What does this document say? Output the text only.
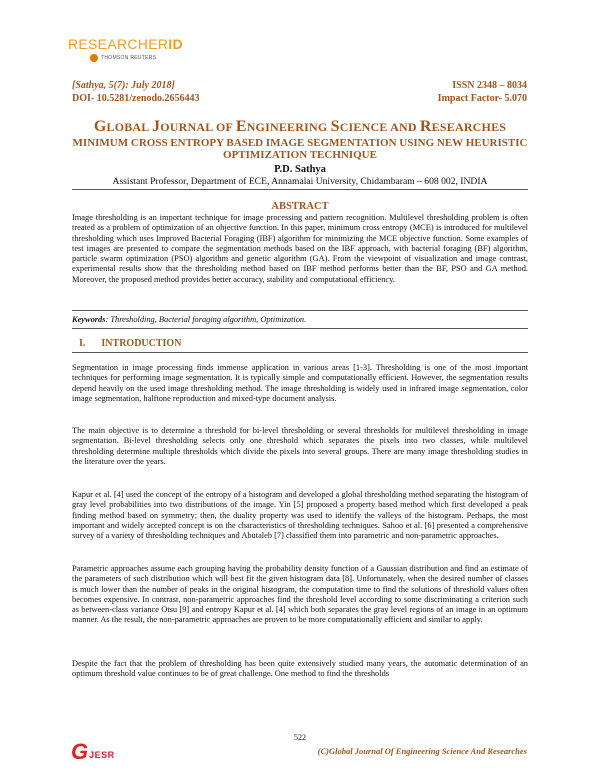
RESEARCHERID
THOMSON REUTERS
[Sathya, 5(7): July 2018]
DOI- 10.5281/zenodo.2656443
ISSN 2348 – 8034
Impact Factor- 5.070
GLOBAL JOURNAL OF ENGINEERING SCIENCE AND RESEARCHES
MINIMUM CROSS ENTROPY BASED IMAGE SEGMENTATION USING NEW HEURISTIC OPTIMIZATION TECHNIQUE
P.D. Sathya
Assistant Professor, Department of ECE, Annamalai University, Chidambaram – 608 002, INDIA
ABSTRACT
Image thresholding is an important technique for image processing and pattern recognition. Multilevel thresholding problem is often treated as a problem of optimization of an objective function. In this paper, minimum cross entropy (MCE) is introduced for multilevel thresholding which uses Improved Bacterial Foraging (IBF) algorithm for minimizing the MCE objective function. Some examples of test images are presented to compare the segmentation methods based on the IBF approach, with bacterial foraging (BF) algorithm, particle swarm optimization (PSO) algorithm and genetic algorithm (GA). From the viewpoint of visualization and image contrast, experimental results show that the thresholding method based on IBF method performs better than the BF, PSO and GA method. Moreover, the proposed method provides better accuracy, stability and computational efficiency.
Keywords: Thresholding, Bacterial foraging algorithm, Optimization.
I. INTRODUCTION

Segmentation in image processing finds immense application in various areas [1-3]. Thresholding is one of the most important techniques for performing image segmentation. It is typically simple and computationally efficient. However, the segmentation results depend heavily on the used image thresholding method. The image thresholding is widely used in infrared image segmentation, color image segmentation, halftone reproduction and mixed-type document analysis.

The main objective is to determine a threshold for bi-level thresholding or several thresholds for multilevel thresholding in image segmentation. Bi-level thresholding selects only one threshold which separates the pixels into two classes, while multilevel thresholding determine multiple thresholds which divide the pixels into several groups. There are many image thresholding studies in the literature over the years.

Kapur et al. [4] used the concept of the entropy of a histogram and developed a global thresholding method separating the histogram of gray level probabilities into two distributions of the image. Yin [5] proposed a property based method which first developed a peak finding method based on symmetry; then, the duality property was used to identify the valleys of the histogram. Perhaps, the most important and widely accepted concept is on the characteristics of thresholding techniques. Sahoo et al. [6] presented a comprehensive survey of a variety of thresholding techniques and Abutaleb [7] classified them into parametric and non-parametric approaches.

Parametric approaches assume each grouping having the probability density function of a Gaussian distribution and find an estimate of the parameters of such distribution which will best fit the given histogram data [8]. Unfortunately, when the desired number of classes is much lower than the number of peaks in the original histogram, the computation time to find the solutions of threshold values often becomes expensive. In contrast, non-parametric approaches find the threshold level according to some discriminating a criterion such as between-class variance Otsu [9] and entropy Kapur et al. [4] which both separates the gray level regions of an image in an optimum manner. As the result, the non-parametric approaches are proven to be more computationally efficient and similar to apply.

Despite the fact that the problem of thresholding has been quite extensively studied many years, the automatic determination of an optimum threshold value continues to be of great challenge. One method to find the thresholds

522
G JESR	(C)Global Journal Of Engineering Science And Researches
